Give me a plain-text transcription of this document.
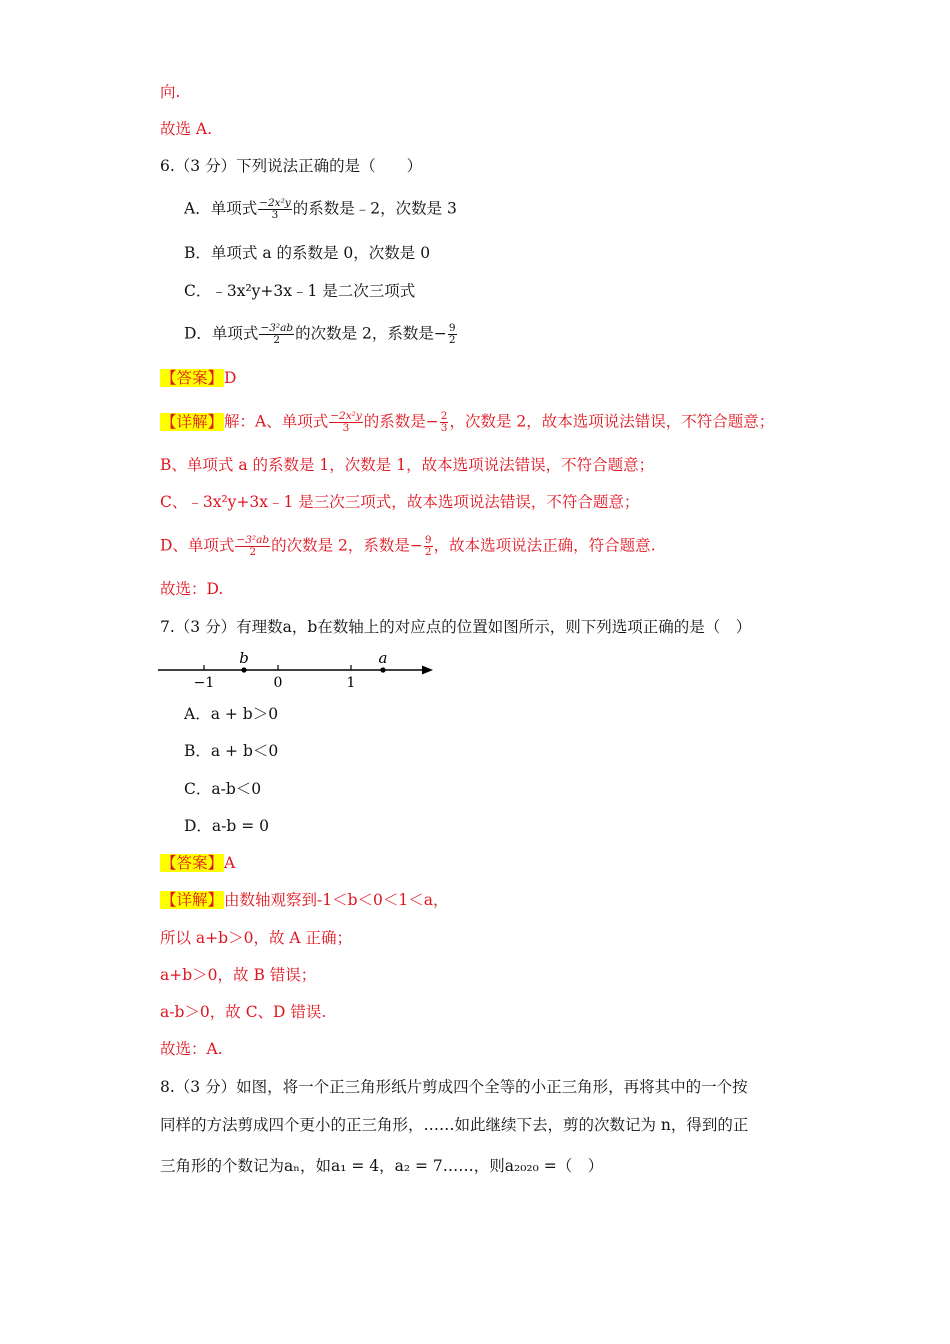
向.
故选 A.
6.（3 分）下列说法正确的是（　　）
A．单项式 $\frac{\text{−2x²y}}{3}$ 的系数是﹣2，次数是 3
B．单项式 a 的系数是 0，次数是 0
C．﹣3x²y+3x﹣1 是二次三项式
D．单项式 $\frac{\text{−3²ab}}{2}$ 的次数是 2，系数是− $\frac{9}{2}$
【答案】D
【详解】解：A、单项式 $\frac{\text{−2x²y}}{3}$ 的系数是− $\frac{2}{3}$ ，次数是 2，故本选项说法错误，不符合题意；
B、单项式 a 的系数是 1，次数是 1，故本选项说法错误，不符合题意；
C、﹣3x²y+3x﹣1 是三次三项式，故本选项说法错误，不符合题意；
D、单项式 $\frac{\text{−3²ab}}{2}$ 的次数是 2，系数是− $\frac{9}{2}$ ，故本选项说法正确，符合题意.
故选：D.
7.（3 分）有理数a，b在数轴上的对应点的位置如图所示，则下列选项正确的是（　）
−1	0	1
b	a
A．a + b＞0
B．a + b＜0
C．a-b＜0
D．a-b = 0
【答案】A
【详解】由数轴观察到-1＜b＜0＜1＜a，
所以 a+b＞0，故 A 正确；
a+b＞0，故 B 错误；
a-b＞0，故 C、D 错误.
故选：A.
8.（3 分）如图，将一个正三角形纸片剪成四个全等的小正三角形，再将其中的一个按
同样的方法剪成四个更小的正三角形，……如此继续下去，剪的次数记为 n，得到的正
三角形的个数记为aₙ，如a₁ = 4，a₂ = 7……，则a₂₀₂₀ =（　）
